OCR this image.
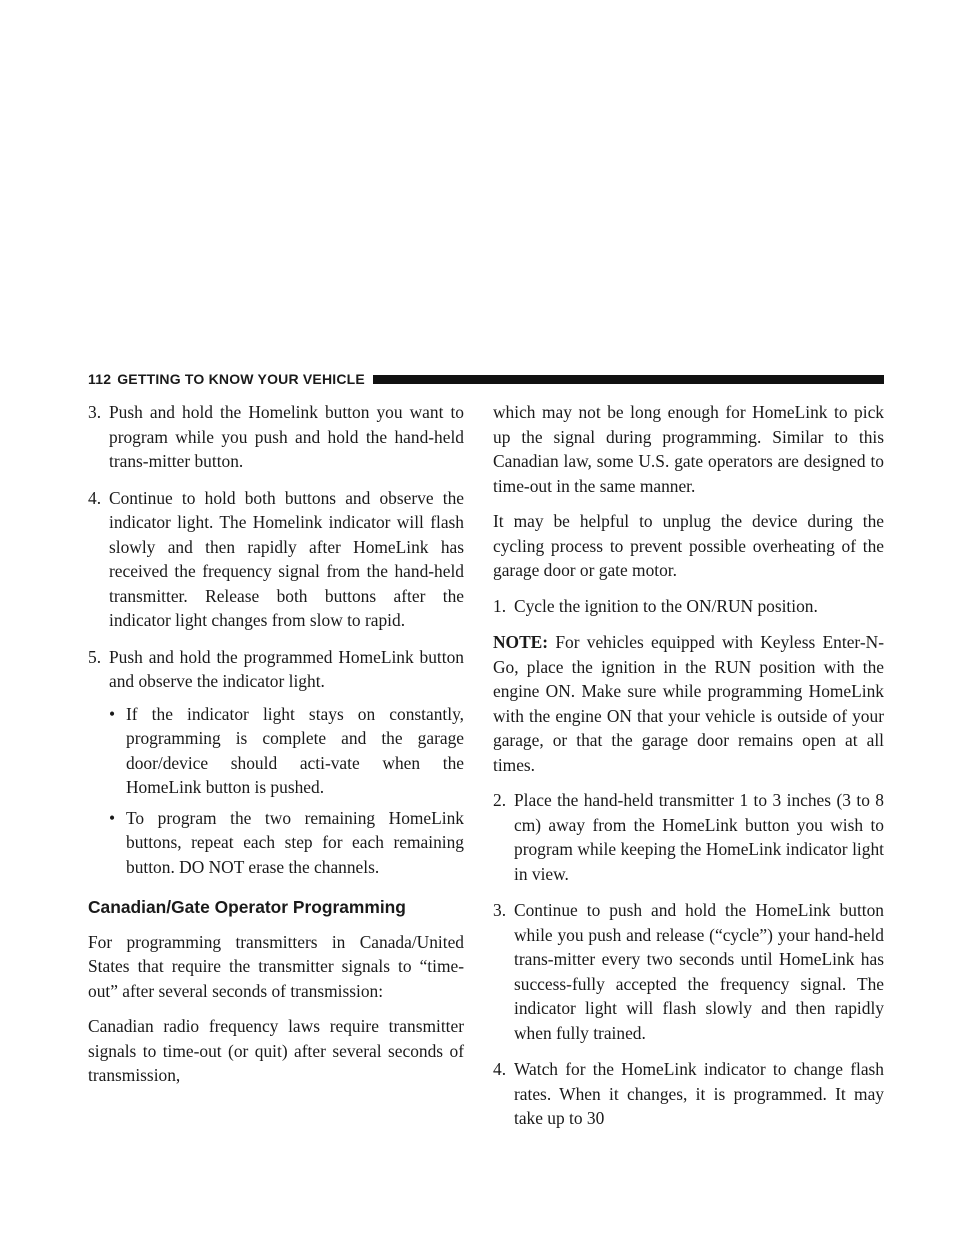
112 GETTING TO KNOW YOUR VEHICLE
3. Push and hold the Homelink button you want to program while you push and hold the hand-held trans-mitter button.
4. Continue to hold both buttons and observe the indicator light. The Homelink indicator will flash slowly and then rapidly after HomeLink has received the frequency signal from the hand-held transmitter. Release both buttons after the indicator light changes from slow to rapid.
5. Push and hold the programmed HomeLink button and observe the indicator light.
• If the indicator light stays on constantly, programming is complete and the garage door/device should acti-vate when the HomeLink button is pushed.
• To program the two remaining HomeLink buttons, repeat each step for each remaining button. DO NOT erase the channels.
Canadian/Gate Operator Programming

For programming transmitters in Canada/United States that require the transmitter signals to “time-out” after several seconds of transmission:

Canadian radio frequency laws require transmitter signals to time-out (or quit) after several seconds of transmission,

which may not be long enough for HomeLink to pick up the signal during programming. Similar to this Canadian law, some U.S. gate operators are designed to time-out in the same manner.

It may be helpful to unplug the device during the cycling process to prevent possible overheating of the garage door or gate motor.

1. Cycle the ignition to the ON/RUN position.

NOTE: For vehicles equipped with Keyless Enter-N-Go, place the ignition in the RUN position with the engine ON. Make sure while programming HomeLink with the engine ON that your vehicle is outside of your garage, or that the garage door remains open at all times.

2. Place the hand-held transmitter 1 to 3 inches (3 to 8 cm) away from the HomeLink button you wish to program while keeping the HomeLink indicator light in view.
3. Continue to push and hold the HomeLink button while you push and release (“cycle”) your hand-held trans-mitter every two seconds until HomeLink has success-fully accepted the frequency signal. The indicator light will flash slowly and then rapidly when fully trained.
4. Watch for the HomeLink indicator to change flash rates. When it changes, it is programmed. It may take up to 30
